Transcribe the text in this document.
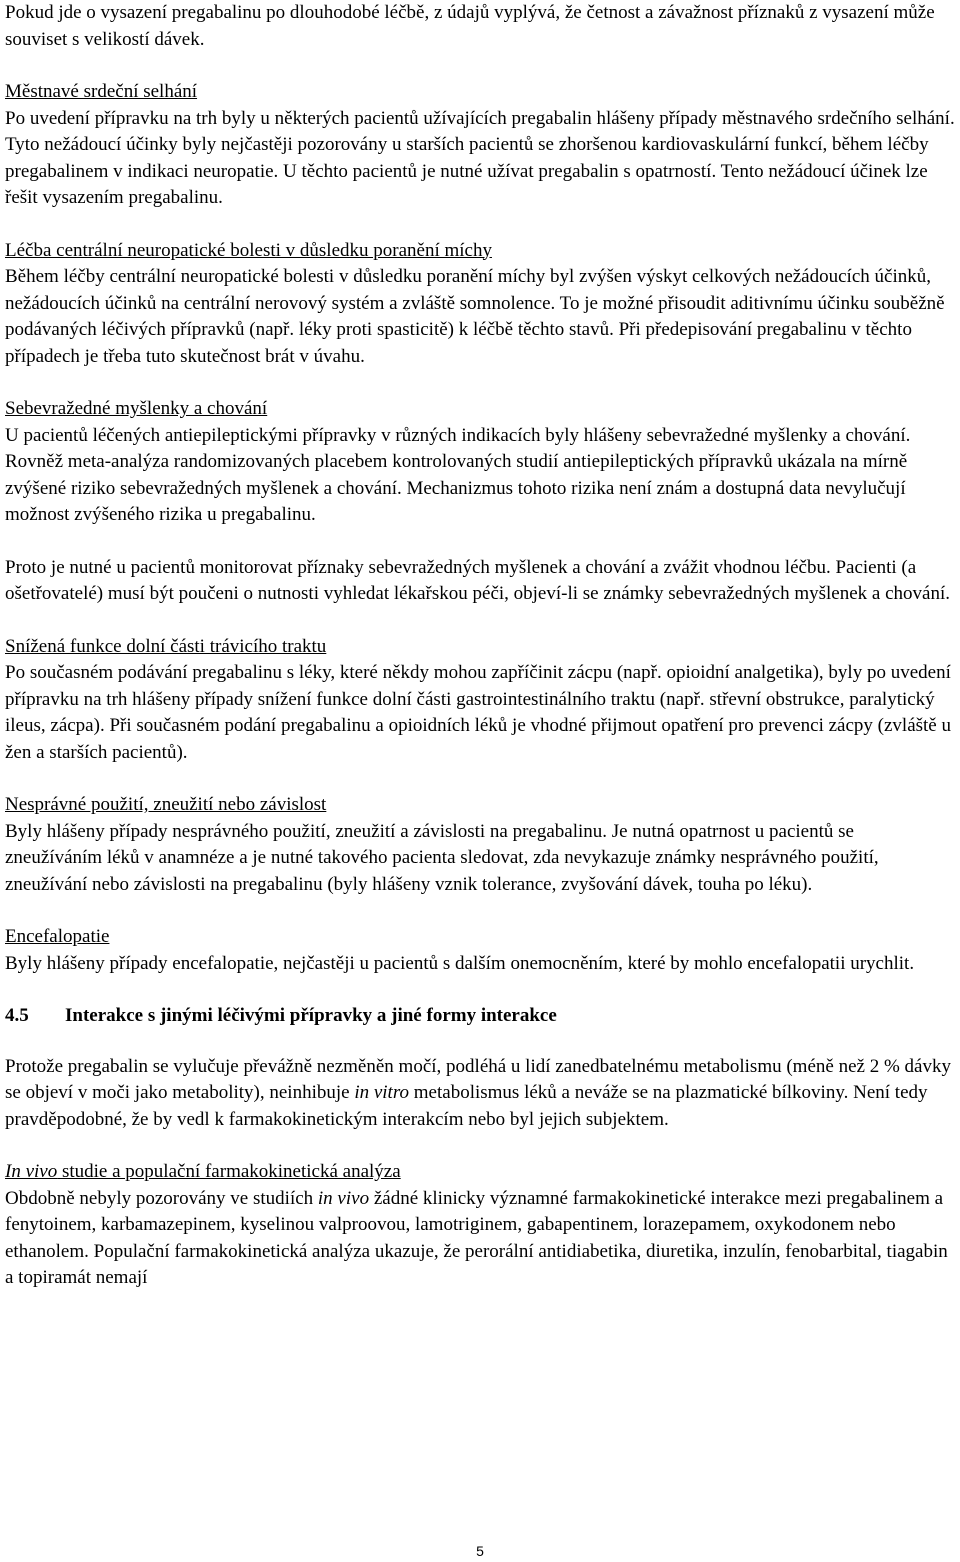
Pokud jde o vysazení pregabalinu po dlouhodobé léčbě, z údajů vyplývá, že četnost a závažnost příznaků z vysazení může souviset s velikostí dávek.

Městnavé srdeční selhání

Po uvedení přípravku na trh byly u některých pacientů užívajících pregabalin hlášeny případy městnavého srdečního selhání. Tyto nežádoucí účinky byly nejčastěji pozorovány u starších pacientů se zhoršenou kardiovaskulární funkcí, během léčby pregabalinem v indikaci neuropatie. U těchto pacientů je nutné užívat pregabalin s opatrností. Tento nežádoucí účinek lze řešit vysazením pregabalinu.

Léčba centrální neuropatické bolesti v důsledku poranění míchy

Během léčby centrální neuropatické bolesti v důsledku poranění míchy byl zvýšen výskyt celkových nežádoucích účinků, nežádoucích účinků na centrální nerovový systém a zvláště somnolence. To je možné přisoudit aditivnímu účinku souběžně podávaných léčivých přípravků (např. léky proti spasticitě) k léčbě těchto stavů. Při předepisování pregabalinu v těchto případech je třeba tuto skutečnost brát v úvahu.

Sebevražedné myšlenky a chování

U pacientů léčených antiepileptickými přípravky v různých indikacích byly hlášeny sebevražedné myšlenky a chování. Rovněž meta-analýza randomizovaných placebem kontrolovaných studií antiepileptických přípravků ukázala na mírně zvýšené riziko sebevražedných myšlenek a chování. Mechanizmus tohoto rizika není znám a dostupná data nevylučují možnost zvýšeného rizika u pregabalinu.

Proto je nutné u pacientů monitorovat příznaky sebevražedných myšlenek a chování a zvážit vhodnou léčbu. Pacienti (a ošetřovatelé) musí být poučeni o nutnosti vyhledat lékařskou péči, objeví-li se známky sebevražedných myšlenek a chování.

Snížená funkce dolní části trávicího traktu

Po současném podávání pregabalinu s léky, které někdy mohou zapříčinit zácpu (např. opioidní analgetika), byly po uvedení přípravku na trh hlášeny případy snížení funkce dolní části gastrointestinálního traktu (např. střevní obstrukce, paralytický ileus, zácpa). Při současném podání pregabalinu a opioidních léků je vhodné přijmout opatření pro prevenci zácpy (zvláště u žen a starších pacientů).

Nesprávné použití, zneužití nebo závislost

Byly hlášeny případy nesprávného použití, zneužití a závislosti na pregabalinu. Je nutná opatrnost u pacientů se zneužíváním léků v anamnéze a je nutné takového pacienta sledovat, zda nevykazuje známky nesprávného použití, zneužívání nebo závislosti na pregabalinu (byly hlášeny vznik tolerance, zvyšování dávek, touha po léku).

Encefalopatie

Byly hlášeny případy encefalopatie, nejčastěji u pacientů s dalším onemocněním, které by mohlo encefalopatii urychlit.

4.5	Interakce s jinými léčivými přípravky a jiné formy interakce

Protože pregabalin se vylučuje převážně nezměněn močí, podléhá u lidí zanedbatelnému metabolismu (méně než 2 % dávky se objeví v moči jako metabolity), neinhibuje in vitro metabolismus léků a neváže se na plazmatické bílkoviny. Není tedy pravděpodobné, že by vedl k farmakokinetickým interakcím nebo byl jejich subjektem.

In vivo studie a populační farmakokinetická analýza

Obdobně nebyly pozorovány ve studiích in vivo žádné klinicky významné farmakokinetické interakce mezi pregabalinem a fenytoinem, karbamazepinem, kyselinou valproovou, lamotriginem, gabapentinem, lorazepamem, oxykodonem nebo ethanolem. Populační farmakokinetická analýza ukazuje, že perorální antidiabetika, diuretika, inzulín, fenobarbital, tiagabin a topiramát nemají

5
